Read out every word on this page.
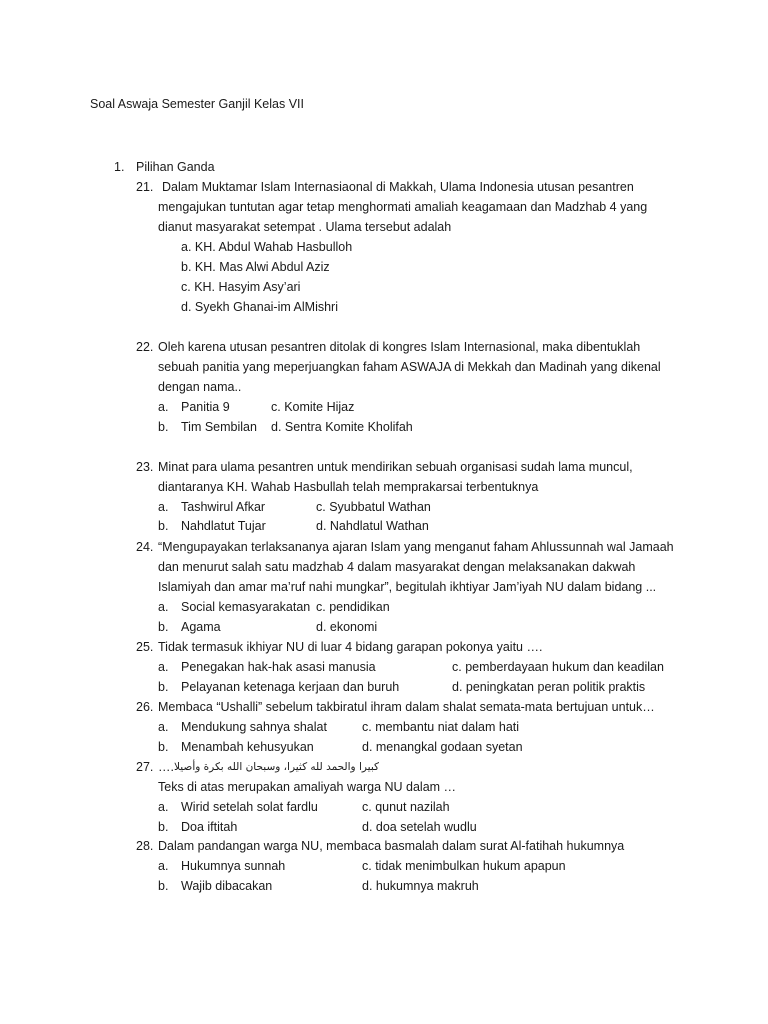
Soal Aswaja Semester Ganjil Kelas VII
1. Pilihan Ganda
21. Dalam Muktamar Islam Internasiaonal di Makkah, Ulama Indonesia utusan pesantren
mengajukan tuntutan agar tetap menghormati amaliah keagamaan dan Madzhab 4 yang
dianut masyarakat setempat . Ulama tersebut adalah
a. KH. Abdul Wahab Hasbulloh
b. KH. Mas Alwi Abdul Aziz
c. KH. Hasyim Asy’ari
d. Syekh Ghanai-im AlMishri
22. Oleh karena utusan pesantren ditolak di kongres Islam Internasional, maka dibentuklah
sebuah panitia yang meperjuangkan faham ASWAJA di Mekkah dan Madinah yang dikenal
dengan nama..
a. Panitia 9	c. Komite Hijaz
b. Tim Sembilan d. Sentra Komite Kholifah
23. Minat para ulama pesantren untuk mendirikan sebuah organisasi sudah lama muncul,
diantaranya KH. Wahab Hasbullah telah memprakarsai terbentuknya
a. Tashwirul Afkar	c. Syubbatul Wathan
b. Nahdlatut Tujar	d. Nahdlatul Wathan
24. “Mengupayakan terlaksananya ajaran Islam yang menganut faham Ahlussunnah wal Jamaah
dan menurut salah satu madzhab 4 dalam masyarakat dengan melaksanakan dakwah
Islamiyah dan amar ma’ruf nahi mungkar”, begitulah ikhtiyar Jam’iyah NU dalam bidang ...
a. Social kemasyarakatan c. pendidikan
b. Agama	d. ekonomi
25. Tidak termasuk ikhiyar NU di luar 4 bidang garapan pokonya yaitu ….
a. Penegakan hak-hak asasi manusia	c. pemberdayaan hukum dan keadilan
b. Pelayanan ketenaga kerjaan dan buruh	d. peningkatan peran politik praktis
26. Membaca “Ushalli” sebelum takbiratul ihram dalam shalat semata-mata bertujuan untuk…
a. Mendukung sahnya shalat	c. membantu niat dalam hati
b. Menambah kehusyukan	d. menangkal godaan syetan
27. …. كبيرا والحمد لله كثيرا، وسبحان الله بكرة وأصيلا
Teks di atas merupakan amaliyah warga NU dalam …
a. Wirid setelah solat fardlu	c. qunut nazilah
b. Doa iftitah	d. doa setelah wudlu
28. Dalam pandangan warga NU, membaca basmalah dalam surat Al-fatihah hukumnya
a. Hukumnya sunnah	c. tidak menimbulkan hukum apapun
b. Wajib dibacakan	d. hukumnya makruh
